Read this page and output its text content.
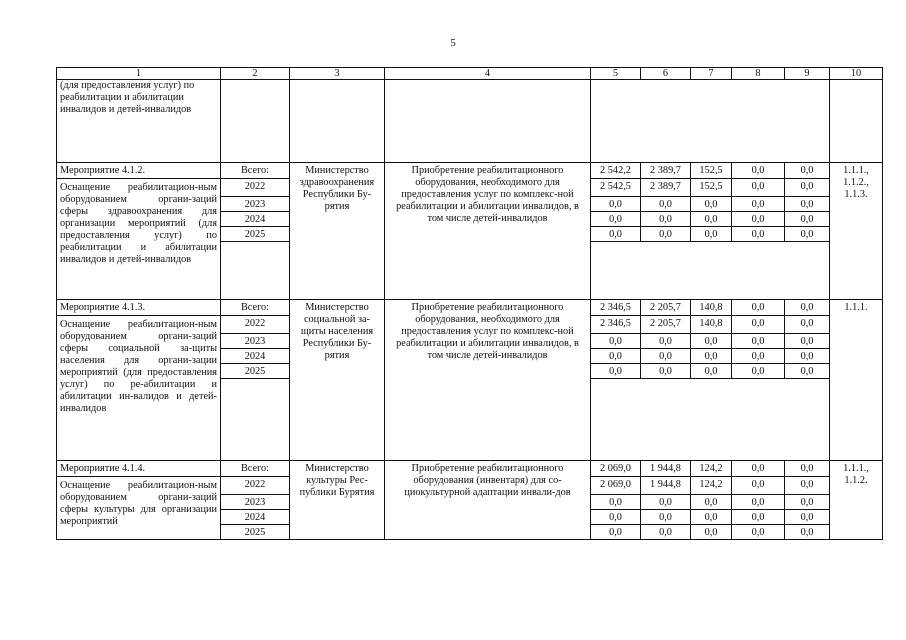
5
1	2	3	4	5	6	7	8	9	10

(для предоставления услуг) по
реабилитации и абилитации
инвалидов и детей-инвалидов									

Мероприятие 4.1.2.	Всего:	Министерство здравоохранения Республики Бу-рятия	Приобретение реабилитационного оборудования, необходимого для предоставления услуг по комплекс-ной реабилитации и абилитации инвалидов, в том числе детей-инвалидов	2 542,2	2 389,7	152,5	0,0	0,0	1.1.1., 1.1.2., 1.1.3.
Оснащение реабилитацион-ным оборудованием органи-заций сферы здравоохранения для организации мероприятий (для предоставления услуг) по реабилитации и абилитации инвалидов и детей-инвалидов	2022			2 542,5	2 389,7	152,5	0,0	0,0	
	2023			0,0	0,0	0,0	0,0	0,0	
	2024			0,0	0,0	0,0	0,0	0,0	
	2025			0,0	0,0	0,0	0,0	0,0	

Мероприятие 4.1.3.	Всего:	Министерство социальной за-щиты населения Республики Бу-рятия	Приобретение реабилитационного оборудования, необходимого для предоставления услуг по комплекс-ной реабилитации и абилитации инвалидов, в том числе детей-инвалидов	2 346,5	2 205,7	140,8	0,0	0,0	1.1.1.
Оснащение реабилитацион-ным оборудованием органи-заций сферы социальной за-щиты населения для органи-зации мероприятий (для предоставления услуг) по ре-абилитации и абилитации ин-валидов и детей-инвалидов	2022			2 346,5	2 205,7	140,8	0,0	0,0	
	2023			0,0	0,0	0,0	0,0	0,0	
	2024			0,0	0,0	0,0	0,0	0,0	
	2025			0,0	0,0	0,0	0,0	0,0	

Мероприятие 4.1.4.	Всего:	Министерство культуры Рес-публики Бурятия	Приобретение реабилитационного оборудования (инвентаря) для со-циокультурной адаптации инвали-дов	2 069,0	1 944,8	124,2	0,0	0,0	1.1.1., 1.1.2.
Оснащение реабилитацион-ным оборудованием органи-заций сферы культуры для организации мероприятий	2022			2 069,0	1 944,8	124,2	0,0	0,0	
	2023			0,0	0,0	0,0	0,0	0,0	
	2024			0,0	0,0	0,0	0,0	0,0	
	2025			0,0	0,0	0,0	0,0	0,0	
